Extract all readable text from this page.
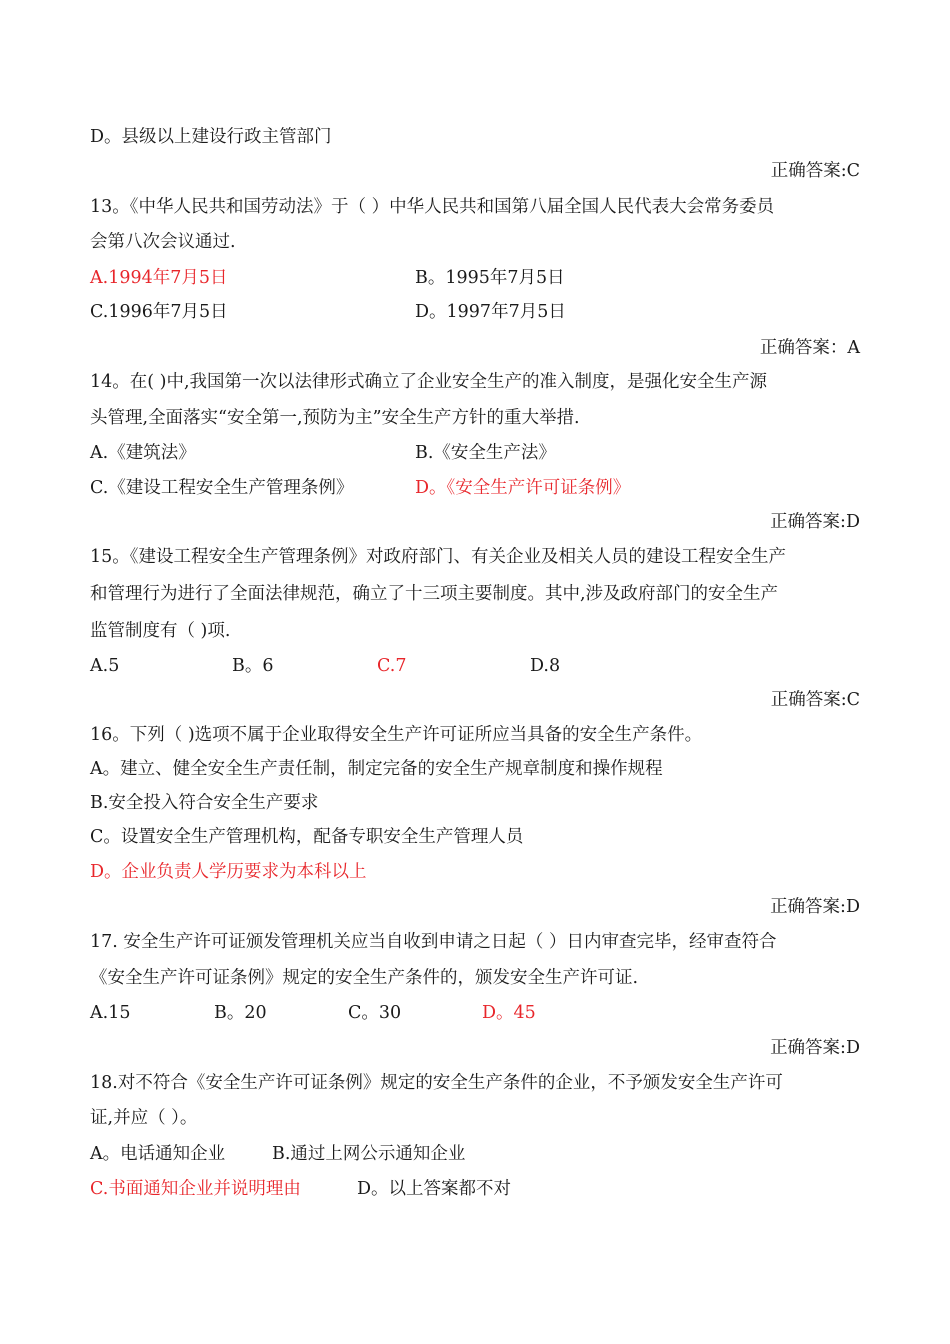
D。县级以上建设行政主管部门
正确答案:C
13。《中华人民共和国劳动法》于（ ）中华人民共和国第八届全国人民代表大会常务委员
会第八次会议通过.
A.1994年7月5日	B。1995年7月5日
C.1996年7月5日	D。1997年7月5日
正确答案：A
14。在( )中,我国第一次以法律形式确立了企业安全生产的准入制度，是强化安全生产源
头管理,全面落实“安全第一,预防为主”安全生产方针的重大举措.
A.《建筑法》	B.《安全生产法》
C.《建设工程安全生产管理条例》	D。《安全生产许可证条例》
正确答案:D
15。《建设工程安全生产管理条例》对政府部门、有关企业及相关人员的建设工程安全生产
和管理行为进行了全面法律规范，确立了十三项主要制度。其中,涉及政府部门的安全生产
监管制度有（ )项.
A.5	B。6	C.7	D.8
正确答案:C
16。下列（ )选项不属于企业取得安全生产许可证所应当具备的安全生产条件。
A。建立、健全安全生产责任制，制定完备的安全生产规章制度和操作规程
B.安全投入符合安全生产要求
C。设置安全生产管理机构，配备专职安全生产管理人员
D。企业负责人学历要求为本科以上
正确答案:D
17. 安全生产许可证颁发管理机关应当自收到申请之日起（ ）日内审查完毕，经审查符合
《安全生产许可证条例》规定的安全生产条件的，颁发安全生产许可证.
A.15	B。20	C。30	D。45
正确答案:D
18.对不符合《安全生产许可证条例》规定的安全生产条件的企业，不予颁发安全生产许可
证,并应（ ）。
A。电话通知企业	B.通过上网公示通知企业
C.书面通知企业并说明理由	D。以上答案都不对
